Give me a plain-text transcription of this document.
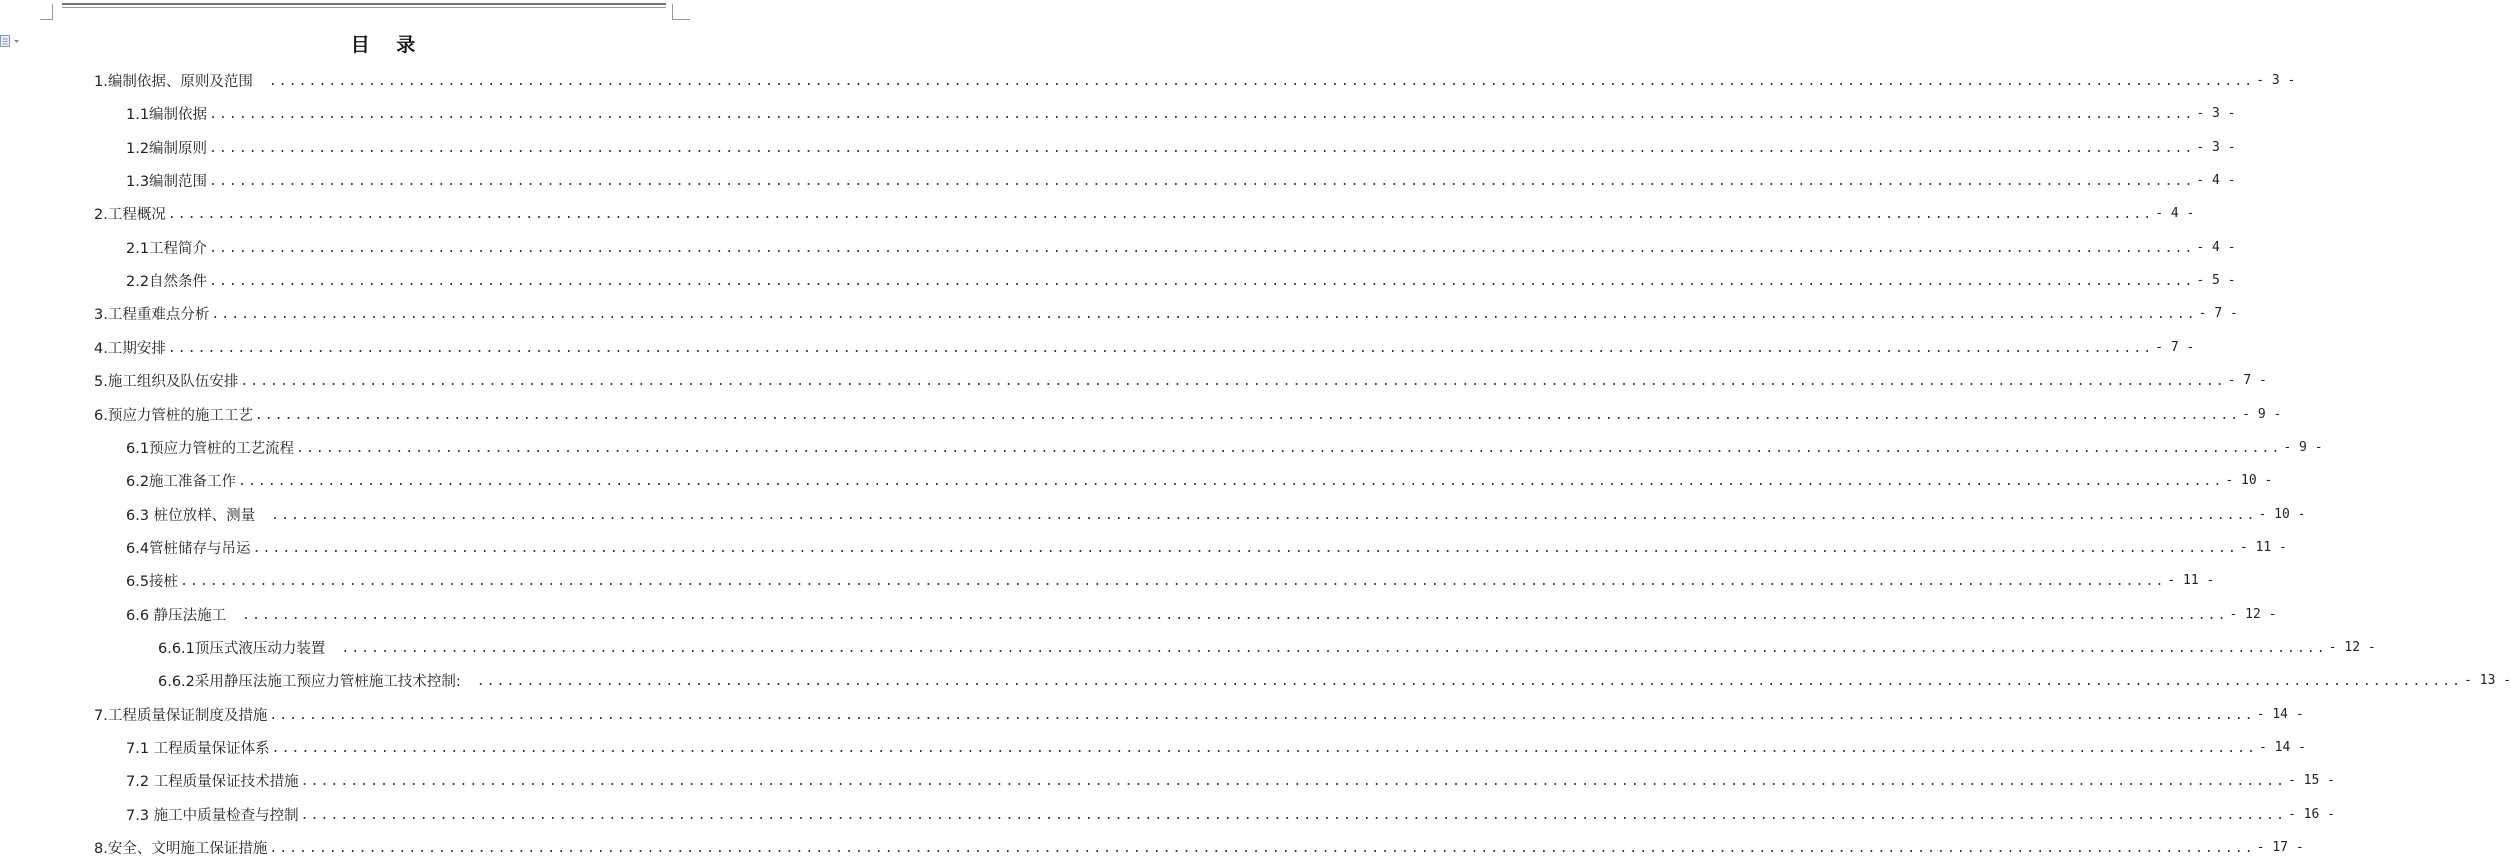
目 录
1.编制依据、原则及范围 ........................................................................................................................................................................................................ - 3 -
1.1编制依据 ........................................................................................................................................................................................................ - 3 -
1.2编制原则 ........................................................................................................................................................................................................ - 3 -
1.3编制范围 ........................................................................................................................................................................................................ - 4 -
2.工程概况 ........................................................................................................................................................................................................ - 4 -
2.1工程简介 ........................................................................................................................................................................................................ - 4 -
2.2自然条件 ........................................................................................................................................................................................................ - 5 -
3.工程重难点分析 ........................................................................................................................................................................................................ - 7 -
4.工期安排 ........................................................................................................................................................................................................ - 7 -
5.施工组织及队伍安排 ........................................................................................................................................................................................................ - 7 -
6.预应力管桩的施工工艺 ........................................................................................................................................................................................................ - 9 -
6.1预应力管桩的工艺流程 ........................................................................................................................................................................................................ - 9 -
6.2施工准备工作 ........................................................................................................................................................................................................ - 10 -
6.3 桩位放样、测量 ........................................................................................................................................................................................................ - 10 -
6.4管桩储存与吊运 ........................................................................................................................................................................................................ - 11 -
6.5接桩 ........................................................................................................................................................................................................ - 11 -
6.6 静压法施工 ........................................................................................................................................................................................................ - 12 -
6.6.1顶压式液压动力装置 ........................................................................................................................................................................................................ - 12 -
6.6.2采用静压法施工预应力管桩施工技术控制: ........................................................................................................................................................................................................ - 13 -
7.工程质量保证制度及措施 ........................................................................................................................................................................................................ - 14 -
7.1 工程质量保证体系 ........................................................................................................................................................................................................ - 14 -
7.2 工程质量保证技术措施 ........................................................................................................................................................................................................ - 15 -
7.3 施工中质量检查与控制 ........................................................................................................................................................................................................ - 16 -
8.安全、文明施工保证措施 ........................................................................................................................................................................................................ - 17 -
